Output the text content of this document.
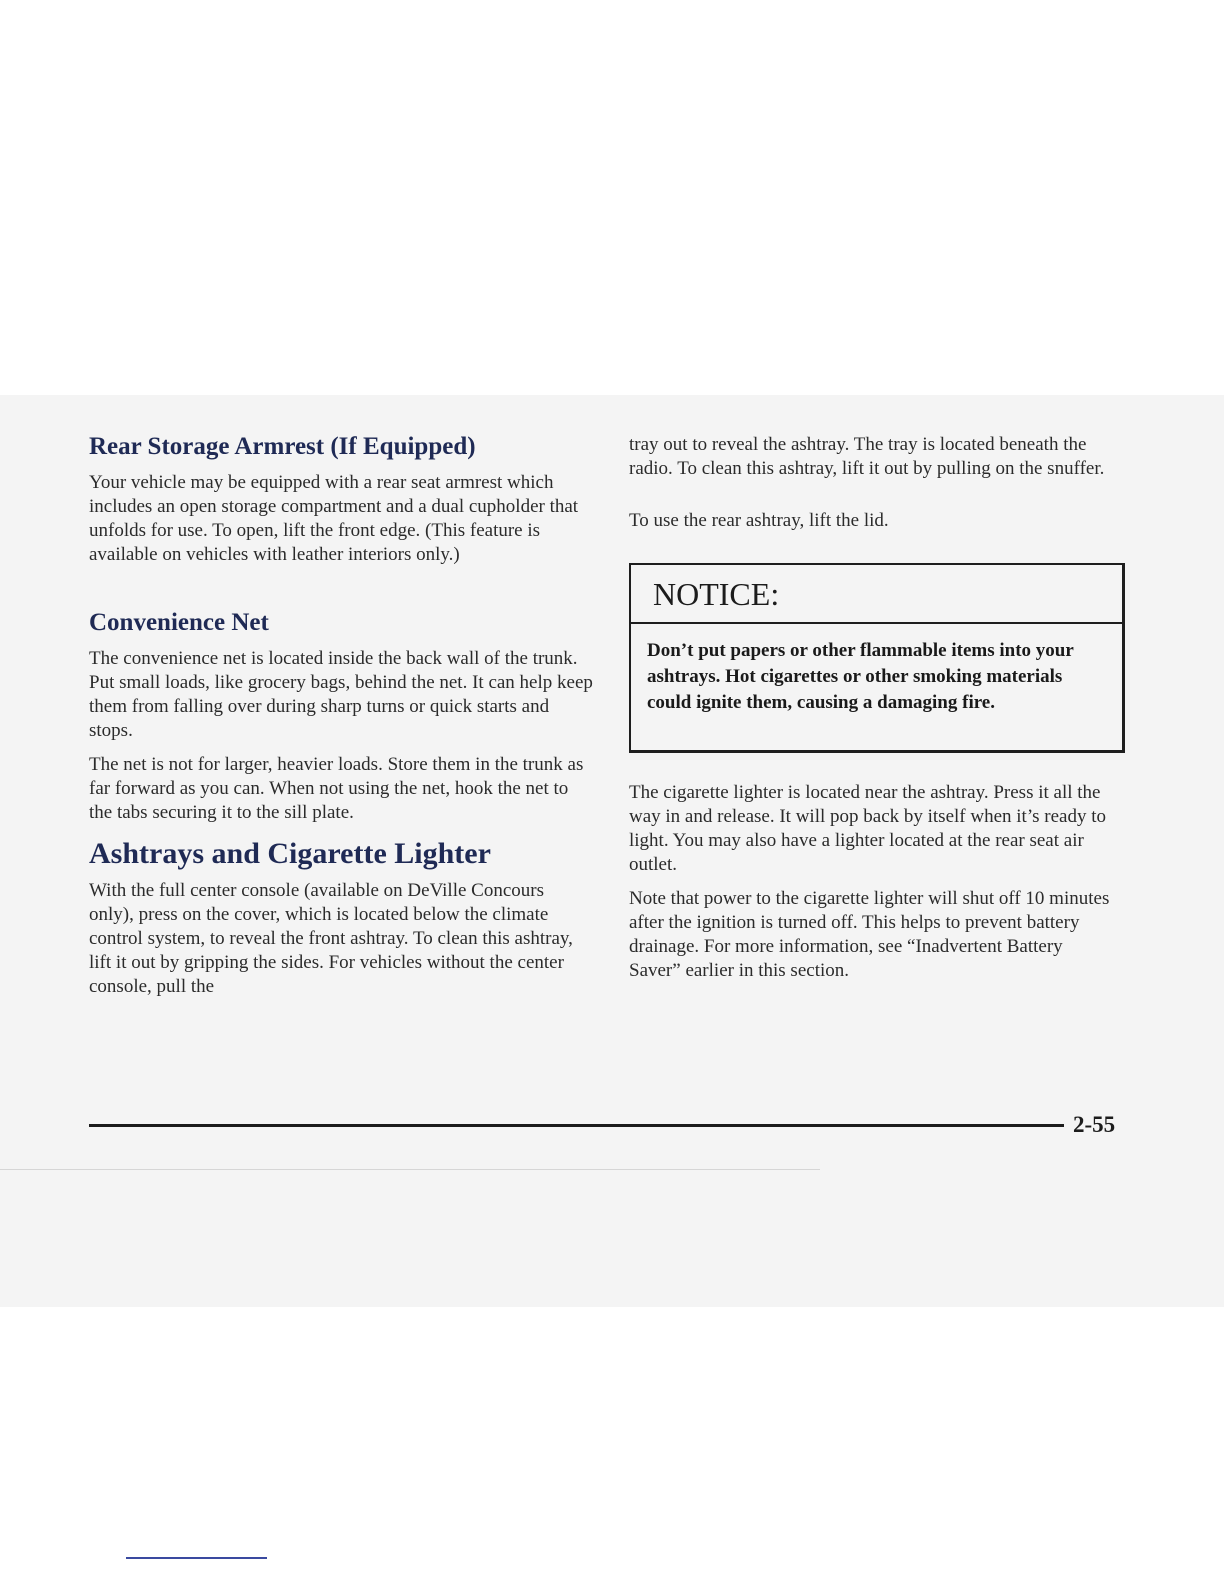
Rear Storage Armrest (If Equipped)

Your vehicle may be equipped with a rear seat armrest which includes an open storage compartment and a dual cupholder that unfolds for use. To open, lift the front edge. (This feature is available on vehicles with leather interiors only.)

Convenience Net

The convenience net is located inside the back wall of the trunk. Put small loads, like grocery bags, behind the net. It can help keep them from falling over during sharp turns or quick starts and stops.

The net is not for larger, heavier loads. Store them in the trunk as far forward as you can. When not using the net, hook the net to the tabs securing it to the sill plate.

Ashtrays and Cigarette Lighter

With the full center console (available on DeVille Concours only), press on the cover, which is located below the climate control system, to reveal the front ashtray. To clean this ashtray, lift it out by gripping the sides. For vehicles without the center console, pull the

tray out to reveal the ashtray. The tray is located beneath the radio. To clean this ashtray, lift it out by pulling on the snuffer.

To use the rear ashtray, lift the lid.

NOTICE:
Don’t put papers or other flammable items into your ashtrays. Hot cigarettes or other smoking materials could ignite them, causing a damaging fire.

The cigarette lighter is located near the ashtray. Press it all the way in and release. It will pop back by itself when it’s ready to light. You may also have a lighter located at the rear seat air outlet.

Note that power to the cigarette lighter will shut off 10 minutes after the ignition is turned off. This helps to prevent battery drainage. For more information, see “Inadvertent Battery Saver” earlier in this section.

2-55
